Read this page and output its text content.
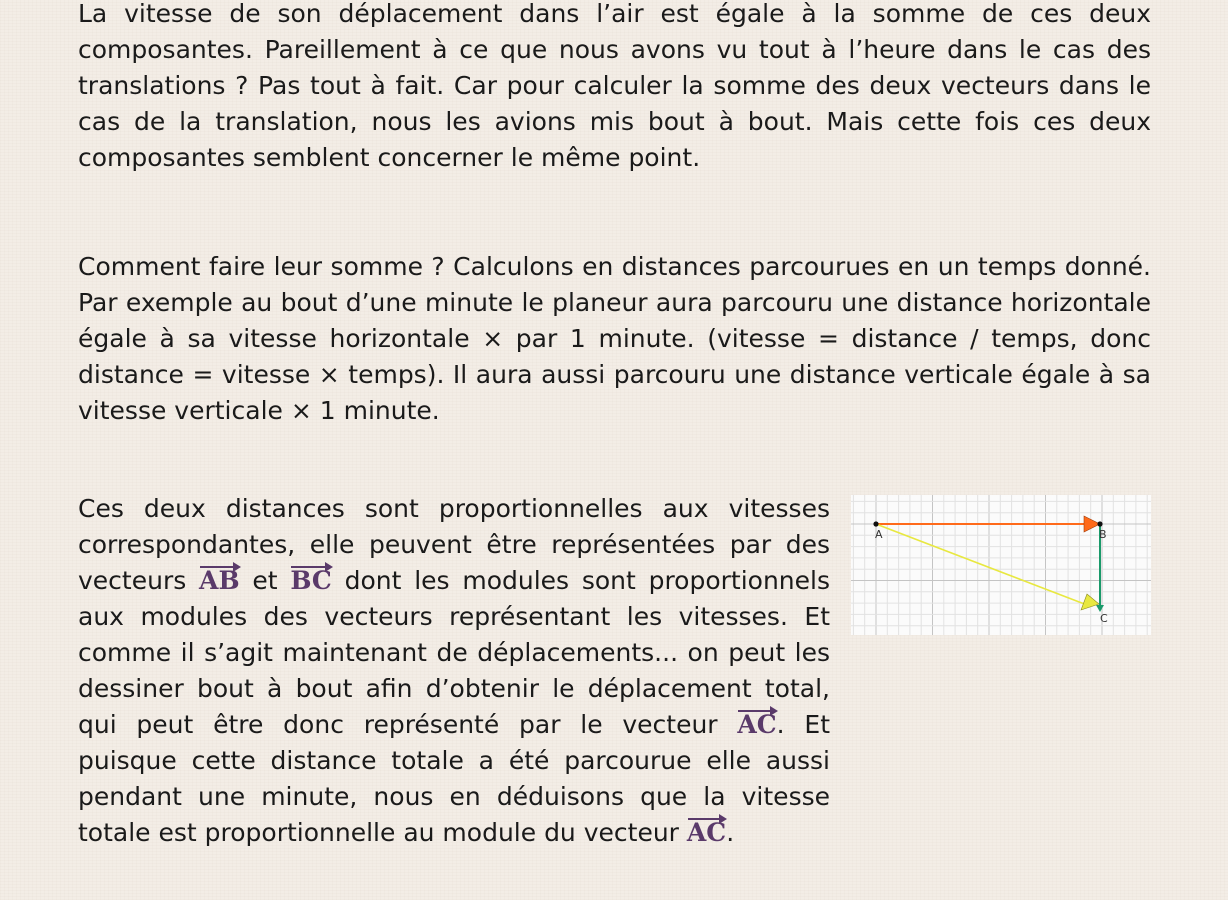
La vitesse de son déplacement dans l’air est égale à la somme de ces deux composantes. Pareillement à ce que nous avons vu tout à l’heure dans le cas des translations ? Pas tout à fait. Car pour calculer la somme des deux vecteurs dans le cas de la translation, nous les avions mis bout à bout. Mais cette fois ces deux composantes semblent concerner le même point.

Comment faire leur somme ? Calculons en distances parcourues en un temps donné. Par exemple au bout d’une minute le planeur aura parcouru une distance horizontale égale à sa vitesse horizontale × par 1 minute. (vitesse = distance / temps, donc distance = vitesse × temps). Il aura aussi parcouru une distance verticale égale à sa vitesse verticale × 1 minute.

Ces deux distances sont proportionnelles aux vitesses correspondantes, elle peuvent être représentées par des vecteurs AB et BC dont les modules sont proportionnels aux modules des vecteurs représentant les vitesses. Et comme il s’agit maintenant de déplacements... on peut les dessiner bout à bout afin d’obtenir le déplacement total, qui peut être donc représenté par le vecteur AC. Et puisque cette distance totale a été parcourue elle aussi pendant une minute, nous en déduisons que la vitesse totale est proportionnelle au module du vecteur AC.

A	B
C
